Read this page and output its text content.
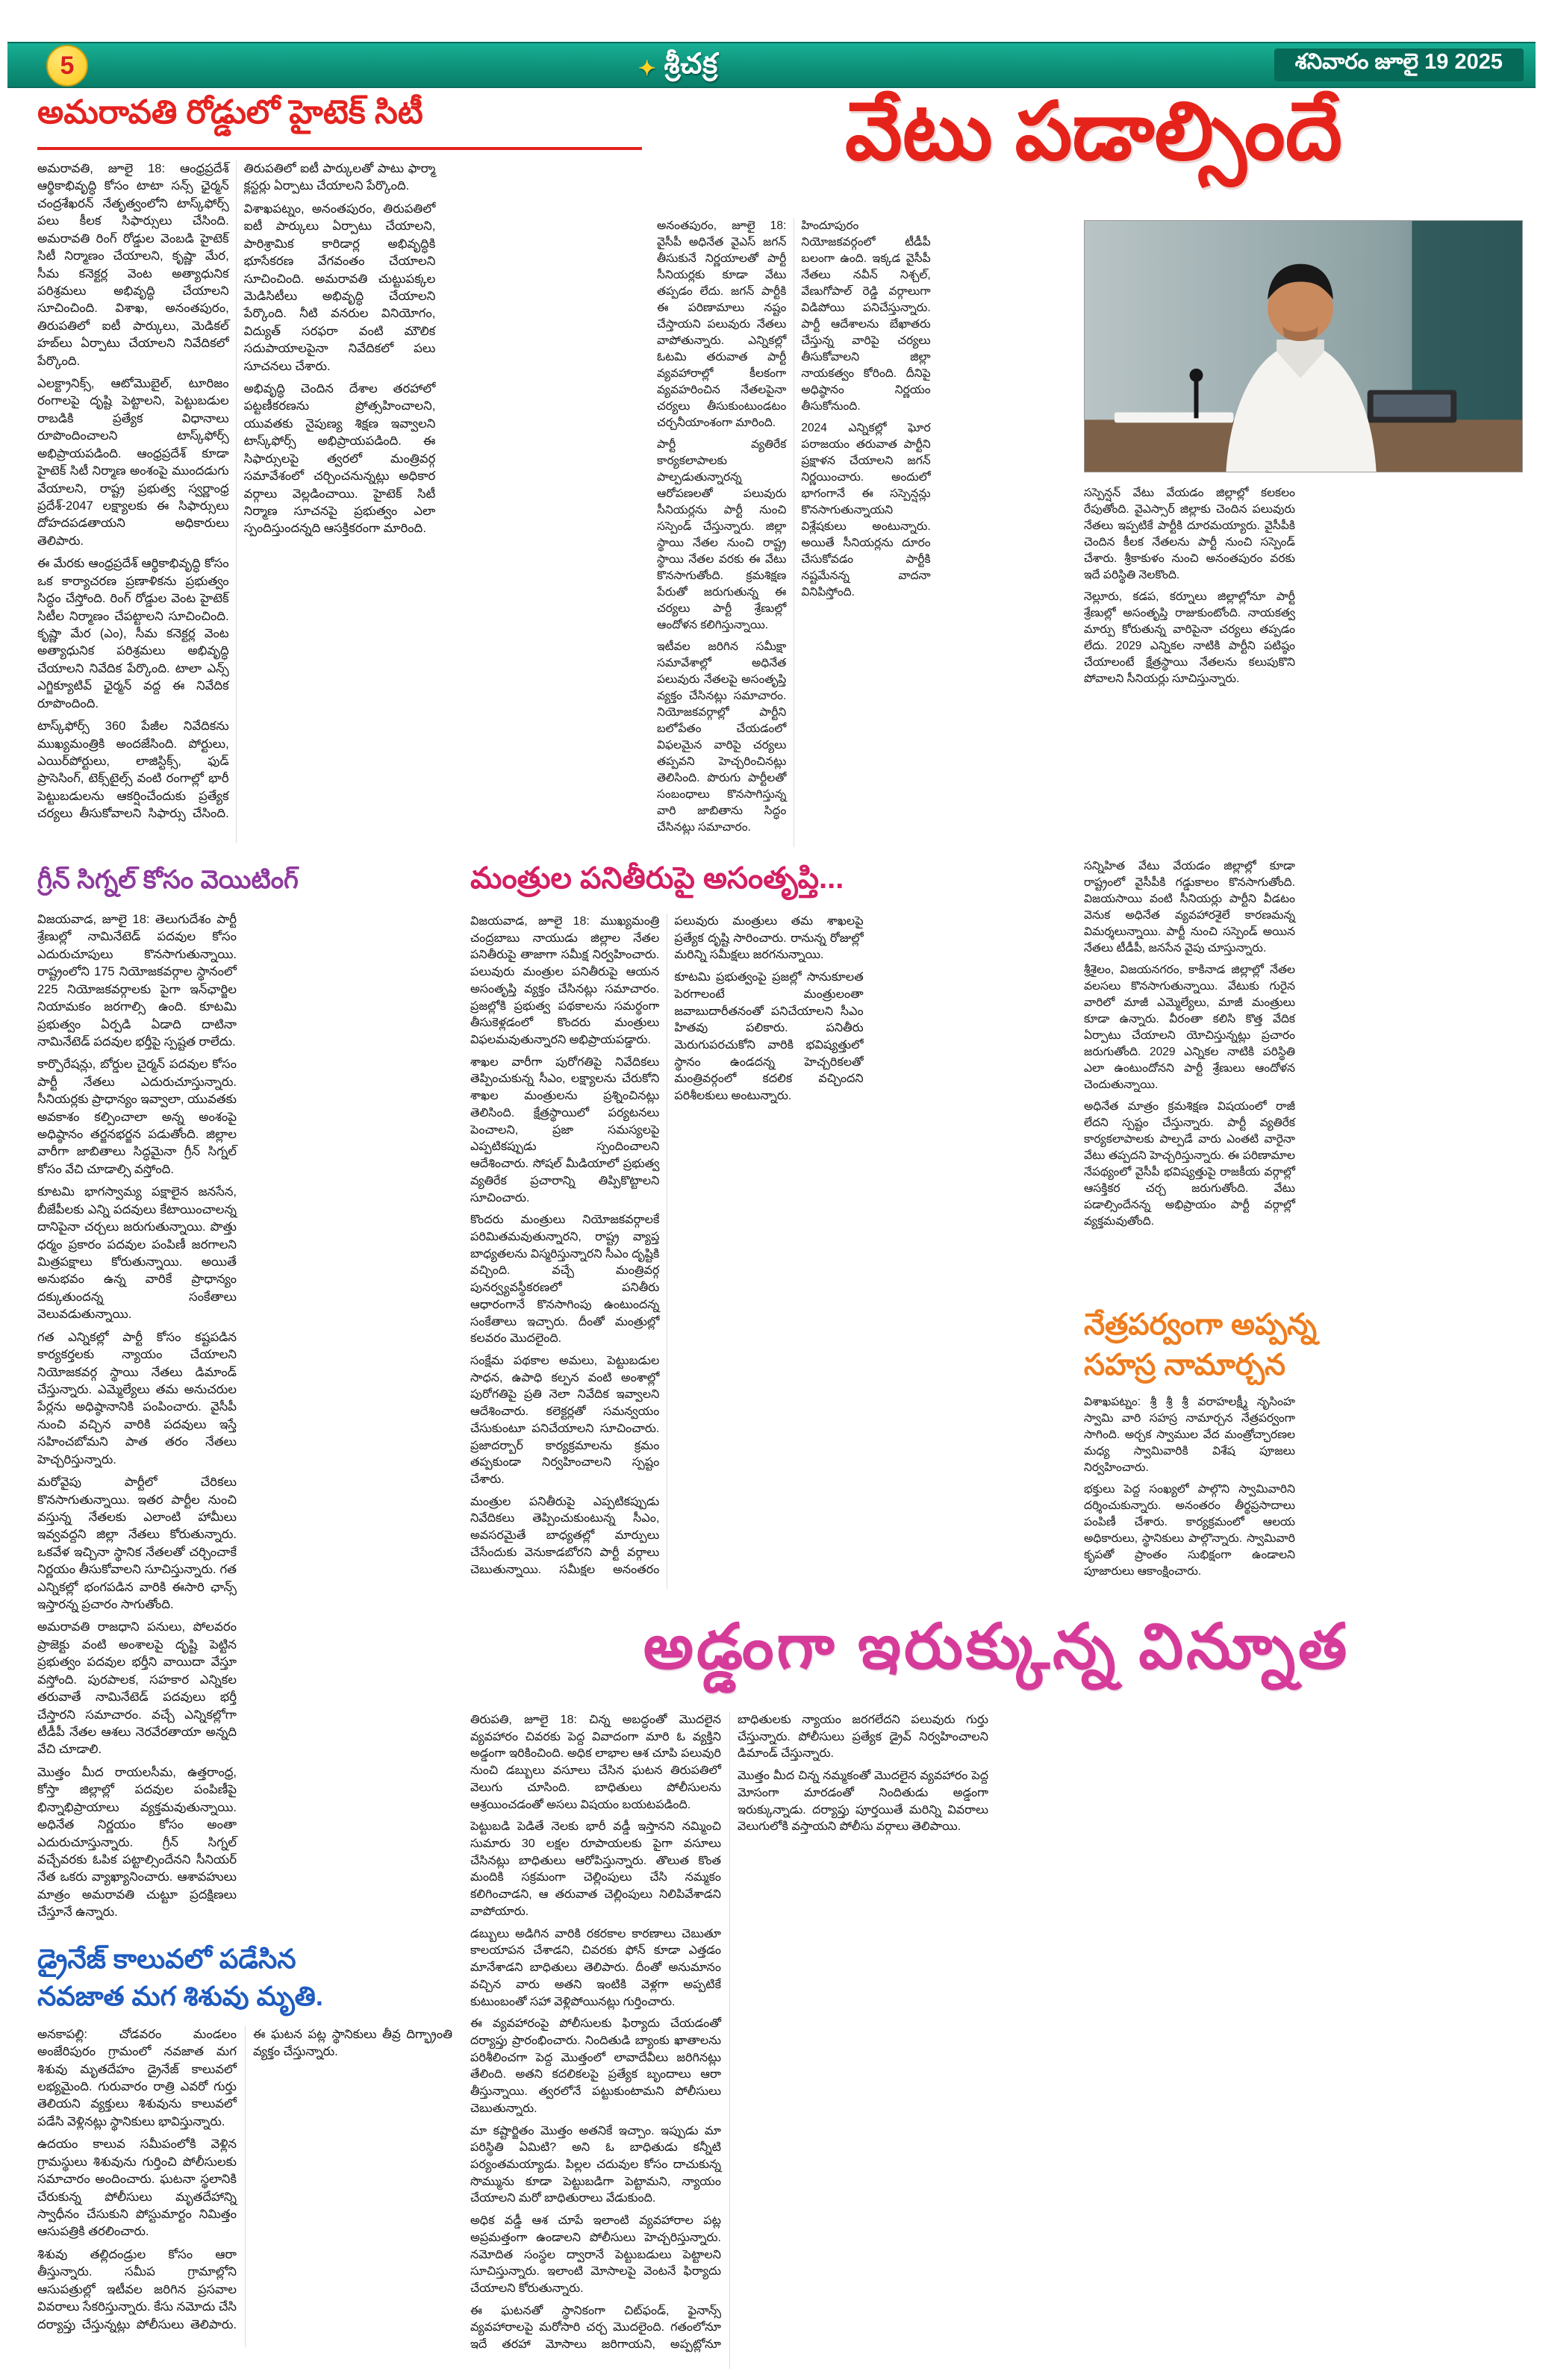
5	✦ శ్రీచక్ర	శనివారం జూలై 19 2025
అమరావతి రోడ్డులో హైటెక్ సిటీ

అమరావతి, జూలై 18: ఆంధ్రప్రదేశ్ ఆర్థికాభివృద్ధి కోసం టాటా సన్స్ ఛైర్మన్ చంద్రశేఖరన్ నేతృత్వంలోని టాస్క్‌ఫోర్స్ పలు కీలక సిఫార్సులు చేసింది. అమరావతి రింగ్ రోడ్డుల వెంబడి హైటెక్ సిటీ నిర్మాణం చేయాలని, కృష్ణా మేర, సీమ కనెక్టర్ల వెంట అత్యాధునిక పరిశ్రమలు అభివృద్ధి చేయాలని సూచించింది. విశాఖ, అనంతపురం, తిరుపతిలో ఐటీ పార్కులు, మెడికల్ హబ్‌లు ఏర్పాటు చేయాలని నివేదికలో పేర్కొంది.

ఎలక్ట్రానిక్స్, ఆటోమొబైల్, టూరిజం రంగాలపై దృష్టి పెట్టాలని, పెట్టుబడుల రాబడికి ప్రత్యేక విధానాలు రూపొందించాలని టాస్క్‌ఫోర్స్ అభిప్రాయపడింది. ఆంధ్రప్రదేశ్ కూడా హైటెక్ సిటీ నిర్మాణ అంశంపై ముందడుగు వేయాలని, రాష్ట్ర ప్రభుత్వ స్వర్ణాంధ్ర ప్రదేశ్-2047 లక్ష్యాలకు ఈ సిఫార్సులు దోహదపడతాయని అధికారులు తెలిపారు.

ఈ మేరకు ఆంధ్రప్రదేశ్ ఆర్థికాభివృద్ధి కోసం ఒక కార్యాచరణ ప్రణాళికను ప్రభుత్వం సిద్ధం చేస్తోంది. రింగ్ రోడ్డుల వెంట హైటెక్ సిటీల నిర్మాణం చేపట్టాలని సూచించింది. కృష్ణా మేర (ఎం), సీమ కనెక్టర్ల వెంట అత్యాధునిక పరిశ్రమలు అభివృద్ధి చేయాలని నివేదిక పేర్కొంది. టాలా ఎన్స్ ఎగ్జిక్యూటివ్ ఛైర్మన్ వద్ద ఈ నివేదిక రూపొందింది.

టాస్క్‌ఫోర్స్ 360 పేజీల నివేదికను ముఖ్యమంత్రికి అందజేసింది. పోర్టులు, ఎయిర్‌పోర్టులు, లాజిస్టిక్స్, ఫుడ్ ప్రాసెసింగ్, టెక్స్‌టైల్స్ వంటి రంగాల్లో భారీ పెట్టుబడులను ఆకర్షించేందుకు ప్రత్యేక చర్యలు తీసుకోవాలని సిఫార్సు చేసింది. తిరుపతిలో ఐటీ పార్కులతో పాటు ఫార్మా క్లస్టర్లు ఏర్పాటు చేయాలని పేర్కొంది.

విశాఖపట్నం, అనంతపురం, తిరుపతిలో ఐటీ పార్కులు ఏర్పాటు చేయాలని, పారిశ్రామిక కారిడార్ల అభివృద్ధికి భూసేకరణ వేగవంతం చేయాలని సూచించింది. అమరావతి చుట్టుపక్కల మెడిసిటీలు అభివృద్ధి చేయాలని పేర్కొంది. నీటి వనరుల వినియోగం, విద్యుత్ సరఫరా వంటి మౌలిక సదుపాయాలపైనా నివేదికలో పలు సూచనలు చేశారు.

అభివృద్ధి చెందిన దేశాల తరహాలో పట్టణీకరణను ప్రోత్సహించాలని, యువతకు నైపుణ్య శిక్షణ ఇవ్వాలని టాస్క్‌ఫోర్స్ అభిప్రాయపడింది. ఈ సిఫార్సులపై త్వరలో మంత్రివర్గ సమావేశంలో చర్చించనున్నట్లు అధికార వర్గాలు వెల్లడించాయి. హైటెక్ సిటీ నిర్మాణ సూచనపై ప్రభుత్వం ఎలా స్పందిస్తుందన్నది ఆసక్తికరంగా మారింది.

వేటు పడాల్సిందే

అనంతపురం, జూలై 18: వైసీపీ అధినేత వైఎస్ జగన్ తీసుకునే నిర్ణయాలతో పార్టీ సీనియర్లకు కూడా వేటు తప్పడం లేదు. జగన్ పార్టీకి ఈ పరిణామాలు నష్టం చేస్తాయని పలువురు నేతలు వాపోతున్నారు. ఎన్నికల్లో ఓటమి తరువాత పార్టీ వ్యవహారాల్లో కీలకంగా వ్యవహరించిన నేతలపైనా చర్యలు తీసుకుంటుండటం చర్చనీయాంశంగా మారింది.

పార్టీ వ్యతిరేక కార్యకలాపాలకు పాల్పడుతున్నారన్న ఆరోపణలతో పలువురు సీనియర్లను పార్టీ నుంచి సస్పెండ్ చేస్తున్నారు. జిల్లా స్థాయి నేతల నుంచి రాష్ట్ర స్థాయి నేతల వరకు ఈ వేటు కొనసాగుతోంది. క్రమశిక్షణ పేరుతో జరుగుతున్న ఈ చర్యలు పార్టీ శ్రేణుల్లో ఆందోళన కలిగిస్తున్నాయి.

ఇటీవల జరిగిన సమీక్షా సమావేశాల్లో అధినేత పలువురు నేతలపై అసంతృప్తి వ్యక్తం చేసినట్లు సమాచారం. నియోజకవర్గాల్లో పార్టీని బలోపేతం చేయడంలో విఫలమైన వారిపై చర్యలు తప్పవని హెచ్చరించినట్లు తెలిసింది. పొరుగు పార్టీలతో సంబంధాలు కొనసాగిస్తున్న వారి జాబితాను సిద్ధం చేసినట్లు సమాచారం.

హిందూపురం నియోజకవర్గంలో టీడీపీ బలంగా ఉంది. ఇక్కడ వైసీపీ నేతలు నవీన్ నిశ్చల్, వేణుగోపాల్ రెడ్డి వర్గాలుగా విడిపోయి పనిచేస్తున్నారు. పార్టీ ఆదేశాలను బేఖాతరు చేస్తున్న వారిపై చర్యలు తీసుకోవాలని జిల్లా నాయకత్వం కోరింది. దీనిపై అధిష్ఠానం నిర్ణయం తీసుకోనుంది.

2024 ఎన్నికల్లో ఘోర పరాజయం తరువాత పార్టీని ప్రక్షాళన చేయాలని జగన్ నిర్ణయించారు. అందులో భాగంగానే ఈ సస్పెన్షన్లు కొనసాగుతున్నాయని విశ్లేషకులు అంటున్నారు. అయితే సీనియర్లను దూరం చేసుకోవడం పార్టీకి నష్టమేనన్న వాదనా వినిపిస్తోంది.

సస్పెన్షన్ వేటు వేయడం జిల్లాల్లో కలకలం రేపుతోంది. వైఎస్సార్ జిల్లాకు చెందిన పలువురు నేతలు ఇప్పటికే పార్టీకి దూరమయ్యారు. వైసీపీకి చెందిన కీలక నేతలను పార్టీ నుంచి సస్పెండ్ చేశారు. శ్రీకాకుళం నుంచి అనంతపురం వరకు ఇదే పరిస్థితి నెలకొంది.

నెల్లూరు, కడప, కర్నూలు జిల్లాల్లోనూ పార్టీ శ్రేణుల్లో అసంతృప్తి రాజుకుంటోంది. నాయకత్వ మార్పు కోరుతున్న వారిపైనా చర్యలు తప్పడం లేదు. 2029 ఎన్నికల నాటికి పార్టీని పటిష్ఠం చేయాలంటే క్షేత్రస్థాయి నేతలను కలుపుకొని పోవాలని సీనియర్లు సూచిస్తున్నారు.

సన్నిహిత వేటు వేయడం జిల్లాల్లో కూడా రాష్ట్రంలో వైసీపీకి గడ్డుకాలం కొనసాగుతోంది. విజయసాయి వంటి సీనియర్లు పార్టీని వీడటం వెనుక అధినేత వ్యవహారశైలే కారణమన్న విమర్శలున్నాయి. పార్టీ నుంచి సస్పెండ్ అయిన నేతలు టీడీపీ, జనసేన వైపు చూస్తున్నారు.

శ్రీశైలం, విజయనగరం, కాకినాడ జిల్లాల్లో నేతల వలసలు కొనసాగుతున్నాయి. వేటుకు గురైన వారిలో మాజీ ఎమ్మెల్యేలు, మాజీ మంత్రులు కూడా ఉన్నారు. వీరంతా కలిసి కొత్త వేదిక ఏర్పాటు చేయాలని యోచిస్తున్నట్లు ప్రచారం జరుగుతోంది. 2029 ఎన్నికల నాటికి పరిస్థితి ఎలా ఉంటుందోనని పార్టీ శ్రేణులు ఆందోళన చెందుతున్నాయి.

అధినేత మాత్రం క్రమశిక్షణ విషయంలో రాజీ లేదని స్పష్టం చేస్తున్నారు. పార్టీ వ్యతిరేక కార్యకలాపాలకు పాల్పడే వారు ఎంతటి వారైనా వేటు తప్పదని హెచ్చరిస్తున్నారు. ఈ పరిణామాల నేపథ్యంలో వైసీపీ భవిష్యత్తుపై రాజకీయ వర్గాల్లో ఆసక్తికర చర్చ జరుగుతోంది. వేటు పడాల్సిందేనన్న అభిప్రాయం పార్టీ వర్గాల్లో వ్యక్తమవుతోంది.

గ్రీన్ సిగ్నల్ కోసం వెయిటింగ్

విజయవాడ, జూలై 18: తెలుగుదేశం పార్టీ శ్రేణుల్లో నామినేటెడ్ పదవుల కోసం ఎదురుచూపులు కొనసాగుతున్నాయి. రాష్ట్రంలోని 175 నియోజకవర్గాల స్థానంలో 225 నియోజకవర్గాలకు పైగా ఇన్‌ఛార్జిల నియామకం జరగాల్సి ఉంది. కూటమి ప్రభుత్వం ఏర్పడి ఏడాది దాటినా నామినేటెడ్ పదవుల భర్తీపై స్పష్టత రాలేదు.

కార్పొరేషన్లు, బోర్డుల చైర్మన్ పదవుల కోసం పార్టీ నేతలు ఎదురుచూస్తున్నారు. సీనియర్లకు ప్రాధాన్యం ఇవ్వాలా, యువతకు అవకాశం కల్పించాలా అన్న అంశంపై అధిష్ఠానం తర్జనభర్జన పడుతోంది. జిల్లాల వారీగా జాబితాలు సిద్ధమైనా గ్రీన్ సిగ్నల్ కోసం వేచి చూడాల్సి వస్తోంది.

కూటమి భాగస్వామ్య పక్షాలైన జనసేన, బీజేపీలకు ఎన్ని పదవులు కేటాయించాలన్న దానిపైనా చర్చలు జరుగుతున్నాయి. పొత్తు ధర్మం ప్రకారం పదవుల పంపిణీ జరగాలని మిత్రపక్షాలు కోరుతున్నాయి. అయితే అనుభవం ఉన్న వారికే ప్రాధాన్యం దక్కుతుందన్న సంకేతాలు వెలువడుతున్నాయి.

గత ఎన్నికల్లో పార్టీ కోసం కష్టపడిన కార్యకర్తలకు న్యాయం చేయాలని నియోజకవర్గ స్థాయి నేతలు డిమాండ్ చేస్తున్నారు. ఎమ్మెల్యేలు తమ అనుచరుల పేర్లను అధిష్ఠానానికి పంపించారు. వైసీపీ నుంచి వచ్చిన వారికి పదవులు ఇస్తే సహించబోమని పాత తరం నేతలు హెచ్చరిస్తున్నారు.

మరోవైపు పార్టీలో చేరికలు కొనసాగుతున్నాయి. ఇతర పార్టీల నుంచి వస్తున్న నేతలకు ఎలాంటి హామీలు ఇవ్వవద్దని జిల్లా నేతలు కోరుతున్నారు. ఒకవేళ ఇచ్చినా స్థానిక నేతలతో చర్చించాకే నిర్ణయం తీసుకోవాలని సూచిస్తున్నారు. గత ఎన్నికల్లో భంగపడిన వారికి ఈసారి ఛాన్స్ ఇస్తారన్న ప్రచారం సాగుతోంది.

అమరావతి రాజధాని పనులు, పోలవరం ప్రాజెక్టు వంటి అంశాలపై దృష్టి పెట్టిన ప్రభుత్వం పదవుల భర్తీని వాయిదా వేస్తూ వస్తోంది. పురపాలక, సహకార ఎన్నికల తరువాతే నామినేటెడ్ పదవులు భర్తీ చేస్తారని సమాచారం. వచ్చే ఎన్నికల్లోగా టీడీపీ నేతల ఆశలు నెరవేరతాయా అన్నది వేచి చూడాలి.

మొత్తం మీద రాయలసీమ, ఉత్తరాంధ్ర, కోస్తా జిల్లాల్లో పదవుల పంపిణీపై భిన్నాభిప్రాయాలు వ్యక్తమవుతున్నాయి. అధినేత నిర్ణయం కోసం అంతా ఎదురుచూస్తున్నారు. గ్రీన్ సిగ్నల్ వచ్చేవరకు ఓపిక పట్టాల్సిందేనని సీనియర్ నేత ఒకరు వ్యాఖ్యానించారు. ఆశావహులు మాత్రం అమరావతి చుట్టూ ప్రదక్షిణలు చేస్తూనే ఉన్నారు.

మంత్రుల పనితీరుపై అసంతృప్తి...

విజయవాడ, జూలై 18: ముఖ్యమంత్రి చంద్రబాబు నాయుడు జిల్లాల నేతల పనితీరుపై తాజాగా సమీక్ష నిర్వహించారు. పలువురు మంత్రుల పనితీరుపై ఆయన అసంతృప్తి వ్యక్తం చేసినట్లు సమాచారం. ప్రజల్లోకి ప్రభుత్వ పథకాలను సమర్థంగా తీసుకెళ్లడంలో కొందరు మంత్రులు విఫలమవుతున్నారని అభిప్రాయపడ్డారు.

శాఖల వారీగా పురోగతిపై నివేదికలు తెప్పించుకున్న సీఎం, లక్ష్యాలను చేరుకోని శాఖల మంత్రులను ప్రశ్నించినట్లు తెలిసింది. క్షేత్రస్థాయిలో పర్యటనలు పెంచాలని, ప్రజా సమస్యలపై ఎప్పటికప్పుడు స్పందించాలని ఆదేశించారు. సోషల్ మీడియాలో ప్రభుత్వ వ్యతిరేక ప్రచారాన్ని తిప్పికొట్టాలని సూచించారు.

కొందరు మంత్రులు నియోజకవర్గాలకే పరిమితమవుతున్నారని, రాష్ట్ర వ్యాప్త బాధ్యతలను విస్మరిస్తున్నారని సీఎం దృష్టికి వచ్చింది. వచ్చే మంత్రివర్గ పునర్వ్యవస్థీకరణలో పనితీరు ఆధారంగానే కొనసాగింపు ఉంటుందన్న సంకేతాలు ఇచ్చారు. దీంతో మంత్రుల్లో కలవరం మొదలైంది.

సంక్షేమ పథకాల అమలు, పెట్టుబడుల సాధన, ఉపాధి కల్పన వంటి అంశాల్లో పురోగతిపై ప్రతి నెలా నివేదిక ఇవ్వాలని ఆదేశించారు. కలెక్టర్లతో సమన్వయం చేసుకుంటూ పనిచేయాలని సూచించారు. ప్రజాదర్బార్ కార్యక్రమాలను క్రమం తప్పకుండా నిర్వహించాలని స్పష్టం చేశారు.

మంత్రుల పనితీరుపై ఎప్పటికప్పుడు నివేదికలు తెప్పించుకుంటున్న సీఎం, అవసరమైతే బాధ్యతల్లో మార్పులు చేసేందుకు వెనుకాడబోరని పార్టీ వర్గాలు చెబుతున్నాయి. సమీక్షల అనంతరం పలువురు మంత్రులు తమ శాఖలపై ప్రత్యేక దృష్టి సారించారు. రానున్న రోజుల్లో మరిన్ని సమీక్షలు జరగనున్నాయి.

కూటమి ప్రభుత్వంపై ప్రజల్లో సానుకూలత పెరగాలంటే మంత్రులంతా జవాబుదారీతనంతో పనిచేయాలని సీఎం హితవు పలికారు. పనితీరు మెరుగుపరచుకోని వారికి భవిష్యత్తులో స్థానం ఉండదన్న హెచ్చరికలతో మంత్రివర్గంలో కదలిక వచ్చిందని పరిశీలకులు అంటున్నారు.

నేత్రపర్వంగా అప్పన్న
సహస్ర నామార్చన

విశాఖపట్నం: శ్రీ శ్రీ శ్రీ వరాహలక్ష్మీ నృసింహ స్వామి వారి సహస్ర నామార్చన నేత్రపర్వంగా సాగింది. అర్చక స్వాముల వేద మంత్రోచ్ఛారణల మధ్య స్వామివారికి విశేష పూజలు నిర్వహించారు.

భక్తులు పెద్ద సంఖ్యలో పాల్గొని స్వామివారిని దర్శించుకున్నారు. అనంతరం తీర్థప్రసాదాలు పంపిణీ చేశారు. కార్యక్రమంలో ఆలయ అధికారులు, స్థానికులు పాల్గొన్నారు. స్వామివారి కృపతో ప్రాంతం సుభిక్షంగా ఉండాలని పూజారులు ఆకాంక్షించారు.

అడ్డంగా ఇరుక్కున్న విన్నూత

తిరుపతి, జూలై 18: చిన్న అబద్ధంతో మొదలైన వ్యవహారం చివరకు పెద్ద వివాదంగా మారి ఓ వ్యక్తిని అడ్డంగా ఇరికించింది. అధిక లాభాల ఆశ చూపి పలువురి నుంచి డబ్బులు వసూలు చేసిన ఘటన తిరుపతిలో వెలుగు చూసింది. బాధితులు పోలీసులను ఆశ్రయించడంతో అసలు విషయం బయటపడింది.

పెట్టుబడి పెడితే నెలకు భారీ వడ్డీ ఇస్తానని నమ్మించి సుమారు 30 లక్షల రూపాయలకు పైగా వసూలు చేసినట్లు బాధితులు ఆరోపిస్తున్నారు. తొలుత కొంత మందికి సక్రమంగా చెల్లింపులు చేసి నమ్మకం కలిగించాడని, ఆ తరువాత చెల్లింపులు నిలిపివేశాడని వాపోయారు.

డబ్బులు అడిగిన వారికి రకరకాల కారణాలు చెబుతూ కాలయాపన చేశాడని, చివరకు ఫోన్ కూడా ఎత్తడం మానేశాడని బాధితులు తెలిపారు. దీంతో అనుమానం వచ్చిన వారు అతని ఇంటికి వెళ్లగా అప్పటికే కుటుంబంతో సహా వెళ్లిపోయినట్లు గుర్తించారు.

ఈ వ్యవహారంపై పోలీసులకు ఫిర్యాదు చేయడంతో దర్యాప్తు ప్రారంభించారు. నిందితుడి బ్యాంకు ఖాతాలను పరిశీలించగా పెద్ద మొత్తంలో లావాదేవీలు జరిగినట్లు తేలింది. అతని కదలికలపై ప్రత్యేక బృందాలు ఆరా తీస్తున్నాయి. త్వరలోనే పట్టుకుంటామని పోలీసులు చెబుతున్నారు.

మా కష్టార్జితం మొత్తం అతనికే ఇచ్చాం. ఇప్పుడు మా పరిస్థితి ఏమిటి? అని ఓ బాధితుడు కన్నీటి పర్యంతమయ్యాడు. పిల్లల చదువుల కోసం దాచుకున్న సొమ్మును కూడా పెట్టుబడిగా పెట్టామని, న్యాయం చేయాలని మరో బాధితురాలు వేడుకుంది.

అధిక వడ్డీ ఆశ చూపే ఇలాంటి వ్యవహారాల పట్ల అప్రమత్తంగా ఉండాలని పోలీసులు హెచ్చరిస్తున్నారు. నమోదిత సంస్థల ద్వారానే పెట్టుబడులు పెట్టాలని సూచిస్తున్నారు. ఇలాంటి మోసాలపై వెంటనే ఫిర్యాదు చేయాలని కోరుతున్నారు.

ఈ ఘటనతో స్థానికంగా చిట్‌ఫండ్, ఫైనాన్స్ వ్యవహారాలపై మరోసారి చర్చ మొదలైంది. గతంలోనూ ఇదే తరహా మోసాలు జరిగాయని, అప్పట్లోనూ బాధితులకు న్యాయం జరగలేదని పలువురు గుర్తు చేస్తున్నారు. పోలీసులు ప్రత్యేక డ్రైవ్ నిర్వహించాలని డిమాండ్ చేస్తున్నారు.

మొత్తం మీద చిన్న నమ్మకంతో మొదలైన వ్యవహారం పెద్ద మోసంగా మారడంతో నిందితుడు అడ్డంగా ఇరుక్కున్నాడు. దర్యాప్తు పూర్తయితే మరిన్ని వివరాలు వెలుగులోకి వస్తాయని పోలీసు వర్గాలు తెలిపాయి.

డ్రైనేజ్ కాలువలో పడేసిన
నవజాత మగ శిశువు మృతి.

అనకాపల్లి: చోడవరం మండలం అంజేరిపురం గ్రామంలో నవజాత మగ శిశువు మృతదేహం డ్రైనేజ్ కాలువలో లభ్యమైంది. గురువారం రాత్రి ఎవరో గుర్తు తెలియని వ్యక్తులు శిశువును కాలువలో పడేసి వెళ్లినట్లు స్థానికులు భావిస్తున్నారు.

ఉదయం కాలువ సమీపంలోకి వెళ్లిన గ్రామస్థులు శిశువును గుర్తించి పోలీసులకు సమాచారం అందించారు. ఘటనా స్థలానికి చేరుకున్న పోలీసులు మృతదేహాన్ని స్వాధీనం చేసుకుని పోస్టుమార్టం నిమిత్తం ఆసుపత్రికి తరలించారు.

శిశువు తల్లిదండ్రుల కోసం ఆరా తీస్తున్నారు. సమీప గ్రామాల్లోని ఆసుపత్రుల్లో ఇటీవల జరిగిన ప్రసవాల వివరాలు సేకరిస్తున్నారు. కేసు నమోదు చేసి దర్యాప్తు చేస్తున్నట్లు పోలీసులు తెలిపారు. ఈ ఘటన పట్ల స్థానికులు తీవ్ర దిగ్భ్రాంతి వ్యక్తం చేస్తున్నారు.
